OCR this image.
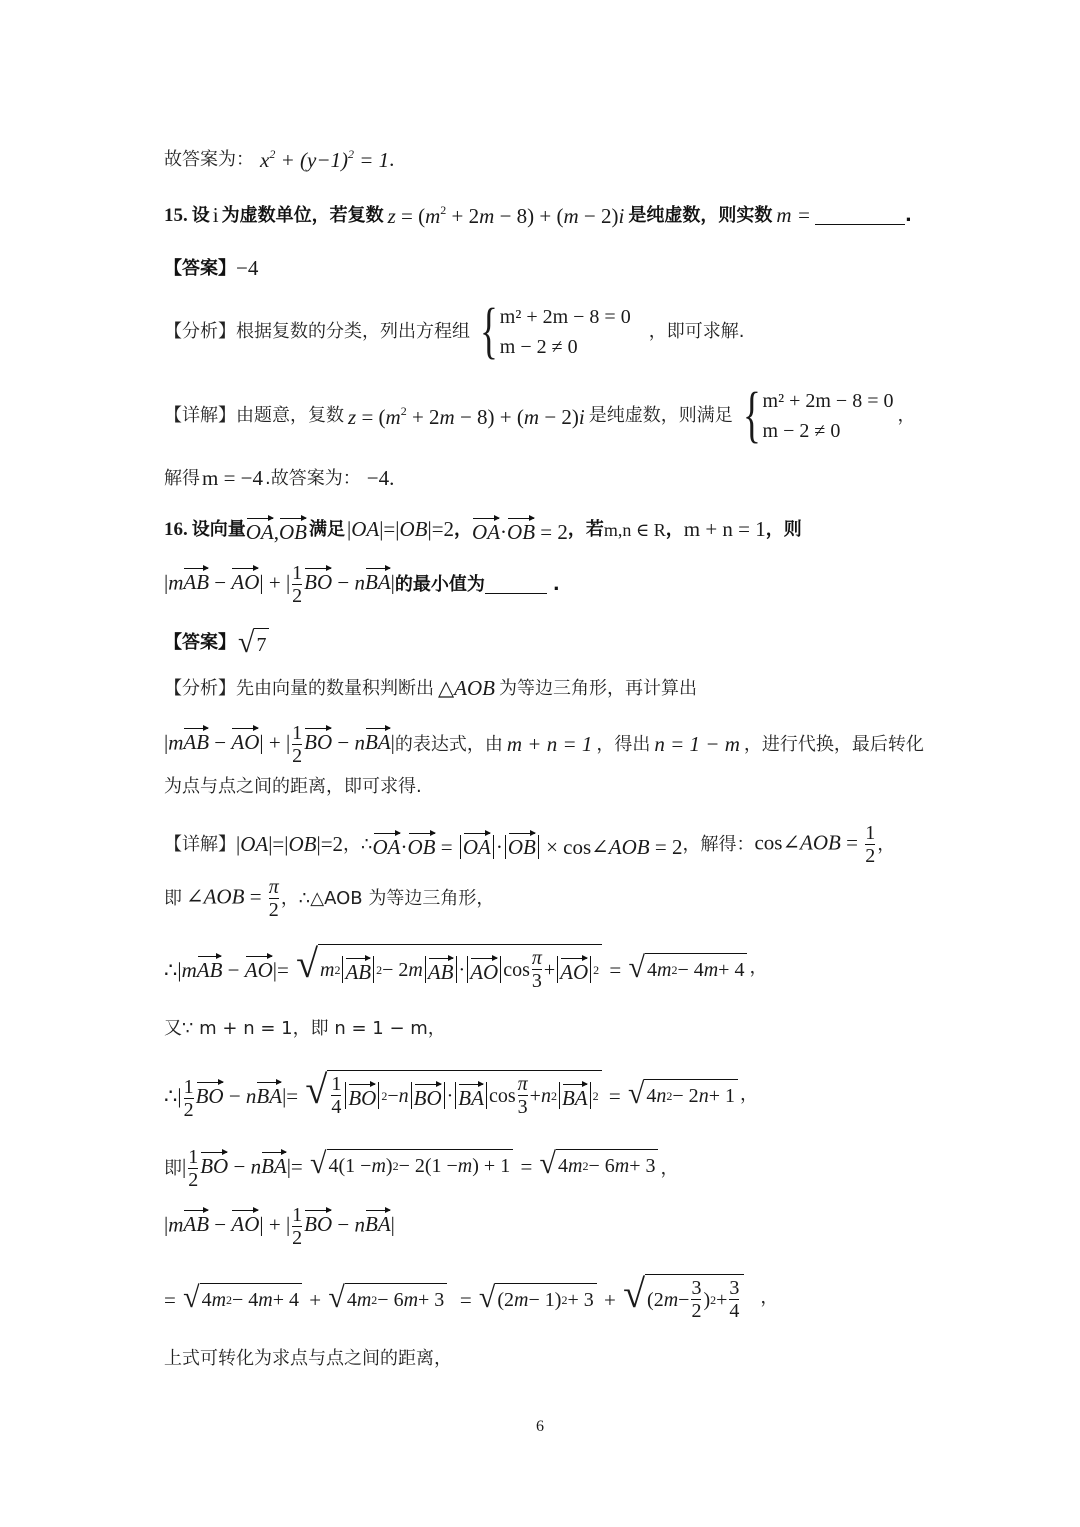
故答案为： $x^2 + (y-1)^2 = 1$ .
15. 设 i 为虚数单位，若复数 $z = (m^2 + 2m - 8) + (m - 2)i$ 是纯虚数，则实数 m =	.
【答案】 −4
【分析】 根据复数的分类，列出方程组 { m² + 2m − 8 = 0
m − 2 ≠ 0
，即可求解.
【详解】 由题意，复数 $z = (m^2 + 2m - 8) + (m - 2)i$ 是纯虚数，则满足 { m² + 2m − 8 = 0
m − 2 ≠ 0
，
解得 m = −4 .故答案为： −4 .
16. 设向量 OA,OB 满足 |OA|=|OB|=2 ， OA·OB = 2 ，若 m,n ∈ R ， m + n = 1 ，则
|mAB − AO| + | $\frac{1}{2}$ BO − nBA| 的最小值为	.
【答案】 √ 7
【分析】 先由向量的数量积判断出 △AOB 为等边三角形，再计算出
|mAB − AO| + | $\frac{1}{2}$ BO − nBA| 的表达式，由 m + n = 1 ，得出 n = 1 − m ，进行代换，最后转化
为点与点之间的距离，即可求得.
【详解】 |OA|=|OB|=2 ，∴ OA·OB = OA · OB × cos∠AOB = 2 ，解得： cos∠AOB = $\frac{1}{2}$ ，
即 ∠AOB = $\frac{\pi}{2}$ ，∴△AOB 为等边三角形，
∴|mAB − AO|= √ m 2 AB 2 − 2 m AB · AO $\cos \frac{\pi}{3}$ + AO 2 = √ 4 m 2 − 4 m + 4 ，
又∵ m + n = 1，即 n = 1 − m，
∴| $\frac{1}{2}$ BO − nBA|= √ $\frac{1}{4}$ BO 2 − n BO · BA $\cos \frac{\pi}{3} + n$ 2 BA 2 = √ 4 n 2 − 2 n + 1 ，
即 | $\frac{1}{2}$ BO − nBA|= √ 4(1 − m ) 2 − 2(1 − m ) + 1 = √ 4 m 2 − 6 m + 3 ，
|mAB − AO| + | $\frac{1}{2}$ BO − nBA|
= √ 4 m 2 − 4 m + 4 + √ 4 m 2 − 6 m + 3 = √ (2 m − 1) 2 + 3 + √ (2 $m - \frac{3}{2}$ ) $2 + \frac{3}{4}$ ，
上式可转化为求点与点之间的距离，
6
